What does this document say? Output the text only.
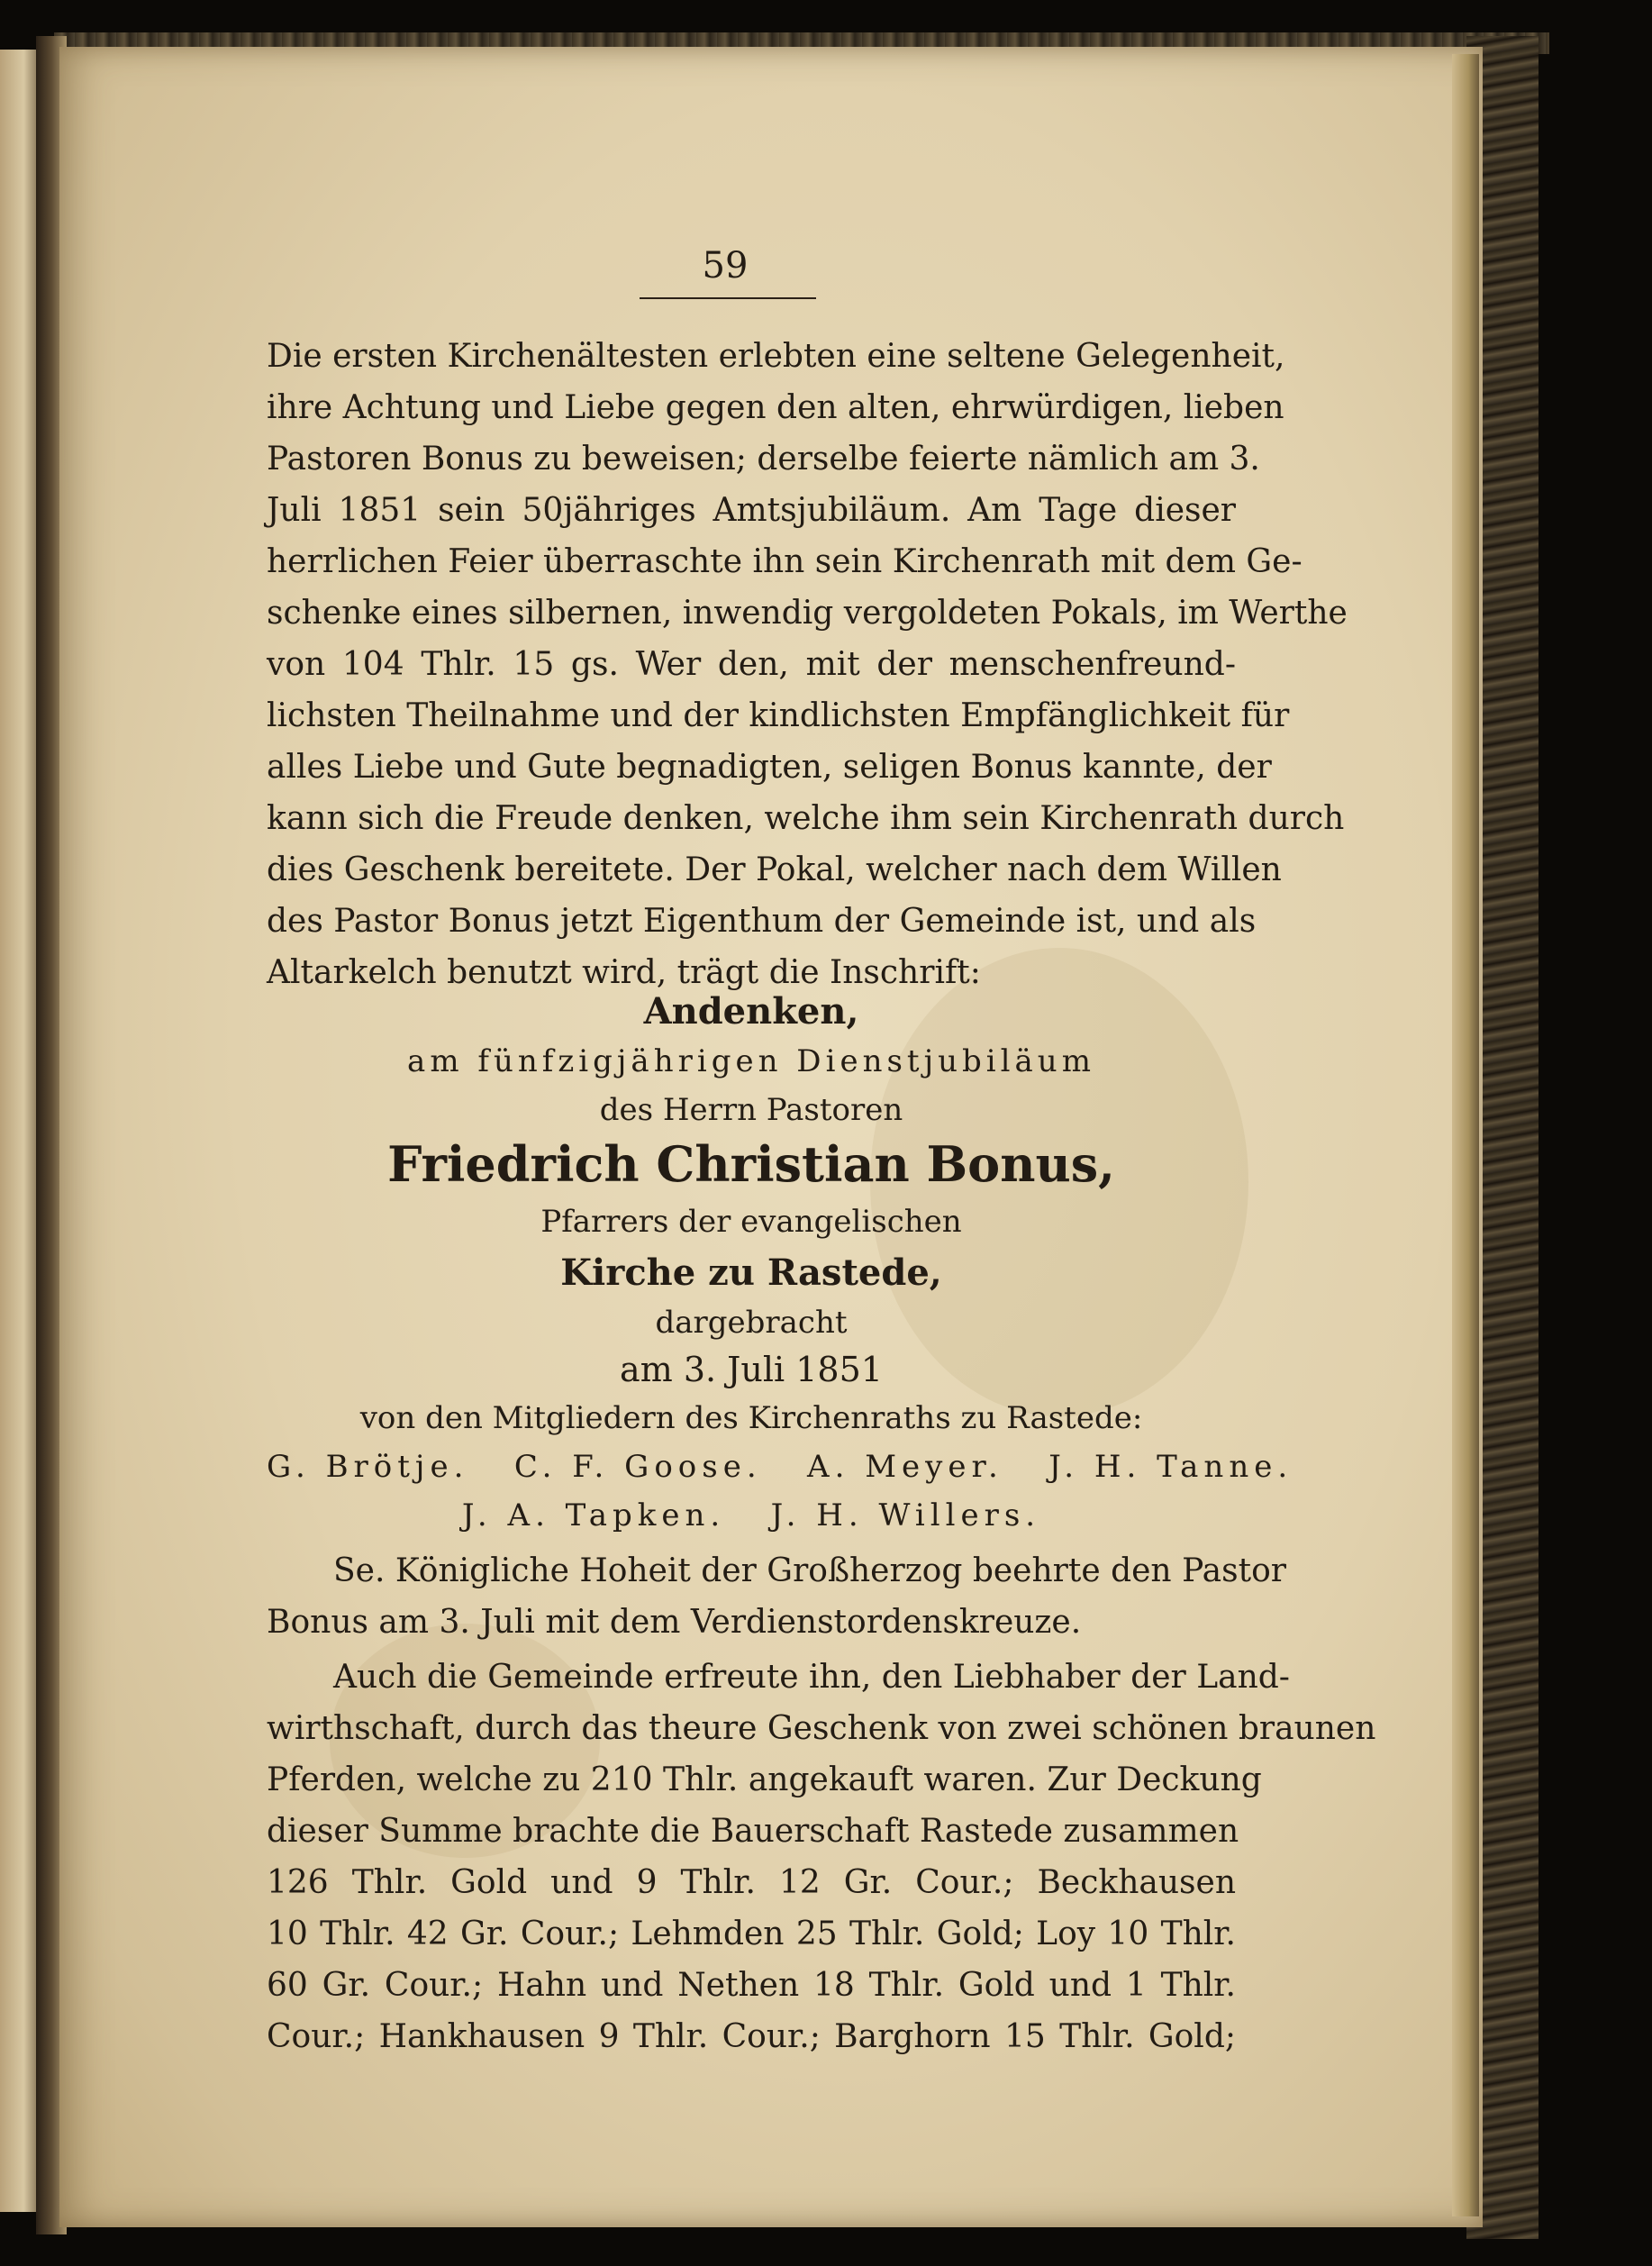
59
Die ersten Kirchenältesten erlebten eine seltene Gelegenheit,
ihre Achtung und Liebe gegen den alten, ehrwürdigen, lieben
Pastoren Bonus zu beweisen; derselbe feierte nämlich am 3.
Juli 1851 sein 50jähriges Amtsjubiläum. Am Tage dieser
herrlichen Feier überraschte ihn sein Kirchenrath mit dem Ge-
schenke eines silbernen, inwendig vergoldeten Pokals, im Werthe
von 104 Thlr. 15 gs. Wer den, mit der menschenfreund-
lichsten Theilnahme und der kindlichsten Empfänglichkeit für
alles Liebe und Gute begnadigten, seligen Bonus kannte, der
kann sich die Freude denken, welche ihm sein Kirchenrath durch
dies Geschenk bereitete. Der Pokal, welcher nach dem Willen
des Pastor Bonus jetzt Eigenthum der Gemeinde ist, und als
Altarkelch benutzt wird, trägt die Inschrift:
Andenken,
am fünfzigjährigen Dienstjubiläum
des Herrn Pastoren
Friedrich Christian Bonus,
Pfarrers der evangelischen
Kirche zu Rastede,
dargebracht
am 3. Juli 1851
von den Mitgliedern des Kirchenraths zu Rastede:
G. Brötje.   C. F. Goose.   A. Meyer.   J. H. Tanne.
J. A. Tapken.   J. H. Willers.
Se. Königliche Hoheit der Großherzog beehrte den Pastor
Bonus am 3. Juli mit dem Verdienstordenskreuze.
Auch die Gemeinde erfreute ihn, den Liebhaber der Land-
wirthschaft, durch das theure Geschenk von zwei schönen braunen
Pferden, welche zu 210 Thlr. angekauft waren. Zur Deckung
dieser Summe brachte die Bauerschaft Rastede zusammen
126 Thlr. Gold und 9 Thlr. 12 Gr. Cour.; Beckhausen
10 Thlr. 42 Gr. Cour.; Lehmden 25 Thlr. Gold; Loy 10 Thlr.
60 Gr. Cour.; Hahn und Nethen 18 Thlr. Gold und 1 Thlr.
Cour.; Hankhausen 9 Thlr. Cour.; Barghorn 15 Thlr. Gold;
